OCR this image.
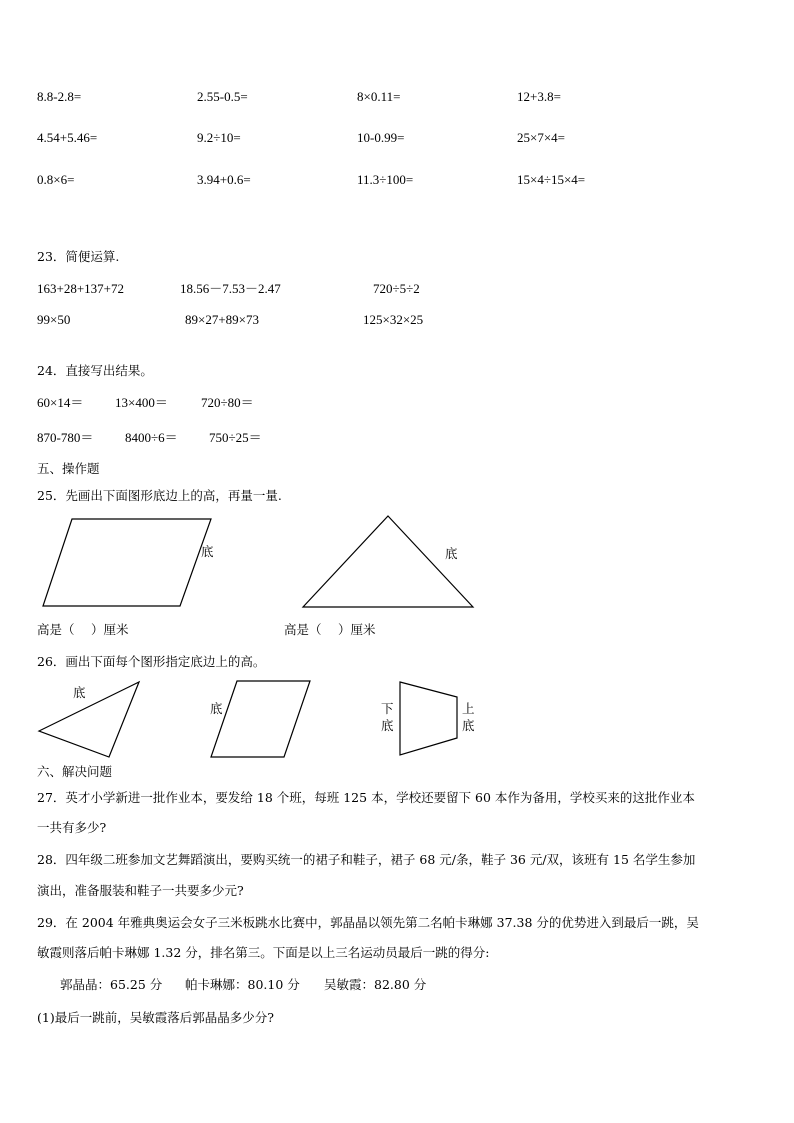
8.8-2.8=	2.55-0.5=	8×0.11=	12+3.8=
4.54+5.46=	9.2÷10=	10-0.99=	25×7×4=
0.8×6=	3.94+0.6=	11.3÷100=	15×4÷15×4=
23．简便运算.
163+28+137+72	18.56－7.53－2.47	720÷5÷2
99×50	89×27+89×73	125×32×25
24．直接写出结果。
60×14＝ 13×400＝	720÷80＝
870-780＝ 8400÷6＝ 750÷25＝
五、操作题
25．先画出下面图形底边上的高，再量一量.
底	底
高是（　 ）厘米	高是（　 ）厘米
26．画出下面每个图形指定底边上的高。
底
底	下
底
上
底
六、解决问题
27．英才小学新进一批作业本，要发给 18 个班，每班 125 本，学校还要留下 60 本作为备用，学校买来的这批作业本
一共有多少?
28．四年级二班参加文艺舞蹈演出，要购买统一的裙子和鞋子，裙子 68 元/条，鞋子 36 元/双，该班有 15 名学生参加
演出，准备服装和鞋子一共要多少元?
29．在 2004 年雅典奥运会女子三米板跳水比赛中，郭晶晶以领先第二名帕卡琳娜 37.38 分的优势进入到最后一跳，吴
敏霞则落后帕卡琳娜 1.32 分，排名第三。下面是以上三名运动员最后一跳的得分:
郭晶晶：65.25 分 帕卡琳娜：80.10 分 吴敏霞：82.80 分
(1)最后一跳前，吴敏霞落后郭晶晶多少分?
